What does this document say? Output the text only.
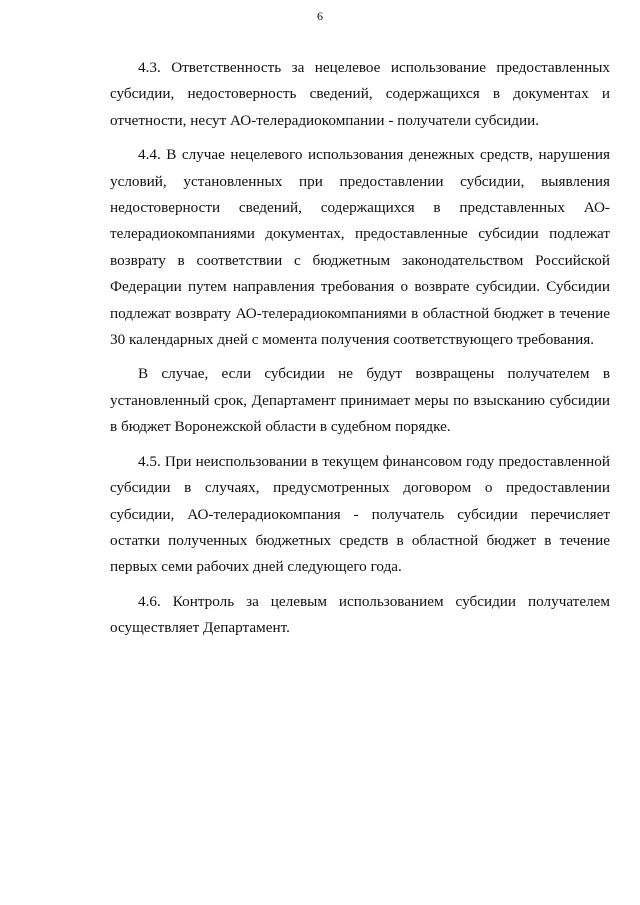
6

4.3. Ответственность за нецелевое использование предоставленных субсидии, недостоверность сведений, содержащихся в документах и отчетности, несут АО-телерадиокомпании - получатели субсидии.

4.4. В случае нецелевого использования денежных средств, нарушения условий, установленных при предоставлении субсидии, выявления недостоверности сведений, содержащихся в представленных АО-телерадиокомпаниями документах, предоставленные субсидии подлежат возврату в соответствии с бюджетным законодательством Российской Федерации путем направления требования о возврате субсидии. Субсидии подлежат возврату АО-телерадиокомпаниями в областной бюджет в течение 30 календарных дней с момента получения соответствующего требования.

В случае, если субсидии не будут возвращены получателем в установленный срок, Департамент принимает меры по взысканию субсидии в бюджет Воронежской области в судебном порядке.

4.5. При неиспользовании в текущем финансовом году предоставленной субсидии в случаях, предусмотренных договором о предоставлении субсидии, АО-телерадиокомпания - получатель субсидии перечисляет остатки полученных бюджетных средств в областной бюджет в течение первых семи рабочих дней следующего года.

4.6. Контроль за целевым использованием субсидии получателем осуществляет Департамент.
